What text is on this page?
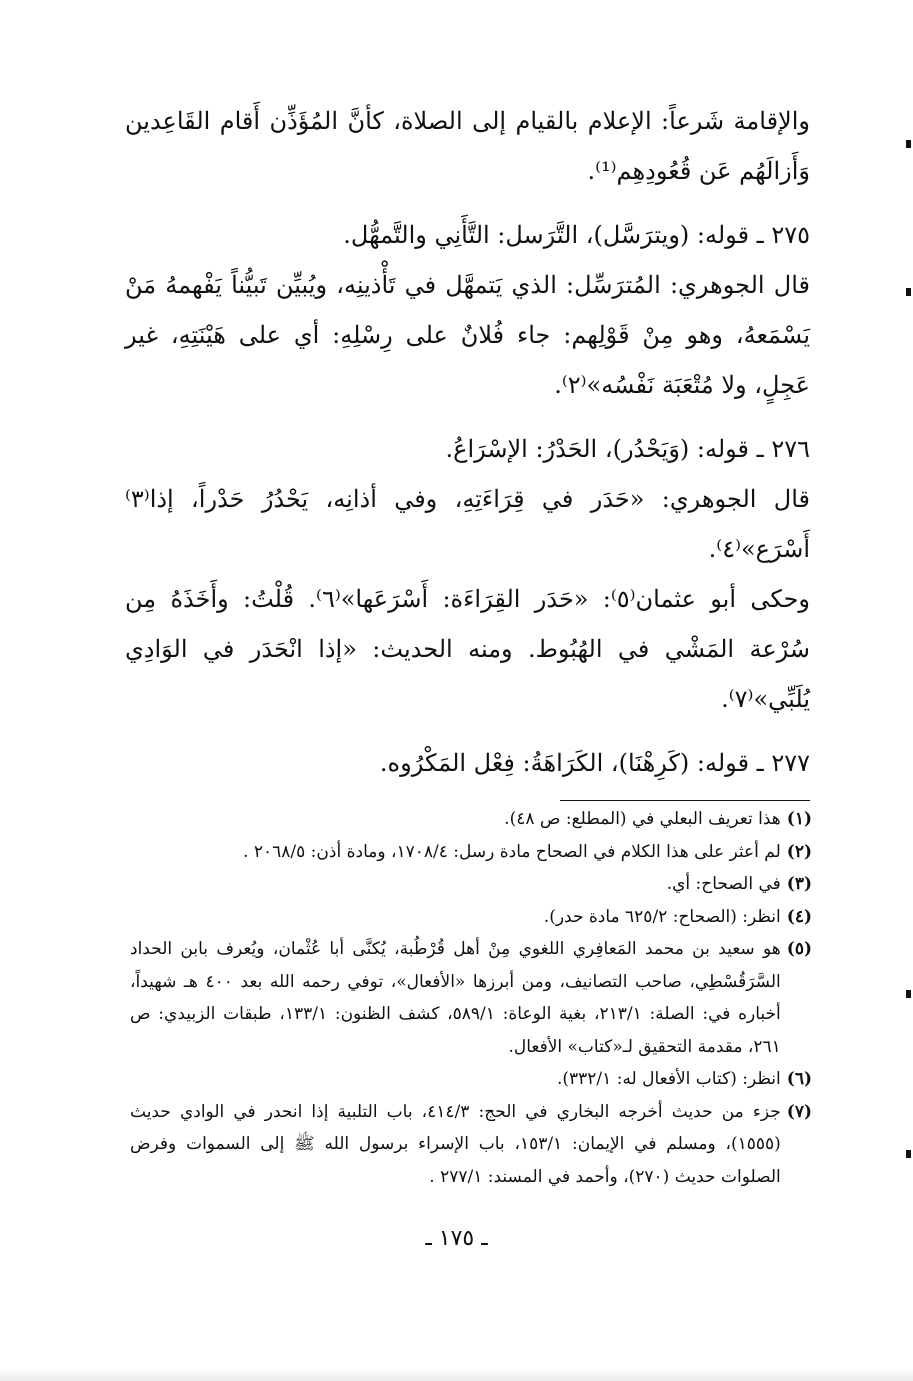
والإقامة شَرعاً: الإعلام بالقيام إلى الصلاة، كأنَّ المُؤَذِّن أَقام القَاعِدين وَأَزالَهُم عَن قُعُودِهِم⁽¹⁾.

٢٧٥ ـ قوله: (ويترَسَّل)، التَّرَسل: التَّأَنِي والتَّمهُّل.

قال الجوهري: المُترَسِّل: الذي يَتمهَّل في تَأْذينِه، ويُبيِّن تَبيُّناً يَفْهمهُ مَنْ يَسْمَعهُ، وهو مِنْ قَوْلِهم: جاء فُلانٌ على رِسْلِهِ: أي على هَيْنَتِهِ، غير عَجِلٍ، ولا مُتْعَبَة نَفْسُه»⁽٢⁾.

٢٧٦ ـ قوله: (وَيَحْدُر)، الحَدْرُ: الإسْرَاعُ.

قال الجوهري: «حَدَر في قِرَاءَتِهِ، وفي أذانِه، يَحْدُرُ حَدْراً، إذا⁽٣⁾ أَسْرَع»⁽٤⁾.

وحكى أبو عثمان⁽٥⁾: «حَدَر القِرَاءَة: أَسْرَعَها»⁽٦⁾. قُلْتُ: وأَخَذَهُ مِن سُرْعة المَشْي في الهُبُوط. ومنه الحديث: «إذا انْحَدَر في الوَادِي يُلَبِّي»⁽٧⁾.

٢٧٧ ـ قوله: (كَرِهْنَا)، الكَرَاهَةُ: فِعْل المَكْرُوه.

(١)
هذا تعريف البعلي في (المطلع: ص ٤٨).
(٢)
لم أعثر على هذا الكلام في الصحاح مادة رسل: ١٧٠٨/٤، ومادة أذن: ٢٠٦٨/٥ .
(٣)
في الصحاح: أي.
(٤)
انظر: (الصحاح: ٦٢٥/٢ مادة حدر).
(٥)
هو سعيد بن محمد المَعافِري اللغوي مِنْ أهل قُرْطُبة، يُكنَّى أبا عُثْمان، ويُعرف بابن الحداد السَّرَقُسْطِي، صاحب التصانيف، ومن أبرزها «الأفعال»، توفي رحمه الله بعد ٤٠٠ هـ شهيداً، أخباره في: الصلة: ٢١٣/١، بغية الوعاة: ٥٨٩/١، كشف الظنون: ١٣٣/١، طبقات الزبيدي: ص ٢٦١، مقدمة التحقيق لـ«كتاب» الأفعال.
(٦)
انظر: (كتاب الأفعال له: ٣٣٢/١).
(٧)
جزء من حديث أخرجه البخاري في الحج: ٤١٤/٣، باب التلبية إذا انحدر في الوادي حديث (١٥٥٥)، ومسلم في الإيمان: ١٥٣/١، باب الإسراء برسول الله ﷺ إلى السموات وفرض الصلوات حديث (٢٧٠)، وأحمد في المسند: ٢٧٧/١ .
ـ ١٧٥ ـ
